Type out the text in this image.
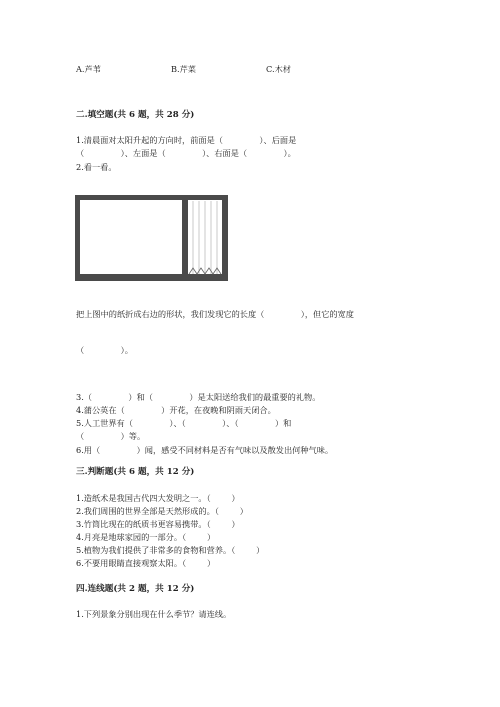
A.芦苇	B.芹菜	C.木材
二.填空题(共 6 题，共 28 分)
1.清晨面对太阳升起的方向时，前面是（              ）、后面是
（              ）、左面是（              ）、右面是（              ）。
2.看一看。
把上图中的纸折成右边的形状，我们发现它的长度（              ），但它的宽度
（              ）。
3.（              ）和（              ）是太阳送给我们的最重要的礼物。
4.蒲公英在（              ）开花，在夜晚和阴雨天闭合。
5.人工世界有（              ）、（              ）、（              ）和
（              ）等。
6.用（              ）闻，感受不同材料是否有气味以及散发出何种气味。
三.判断题(共 6 题，共 12 分)
1.造纸术是我国古代四大发明之一。（        ）
2.我们周围的世界全部是天然形成的。（        ）
3.竹筒比现在的纸质书更容易携带。（        ）
4.月亮是地球家园的一部分。（        ）
5.植物为我们提供了非常多的食物和营养。（        ）
6.不要用眼睛直接观察太阳。（        ）
四.连线题(共 2 题，共 12 分)
1.下列景象分别出现在什么季节？请连线。
